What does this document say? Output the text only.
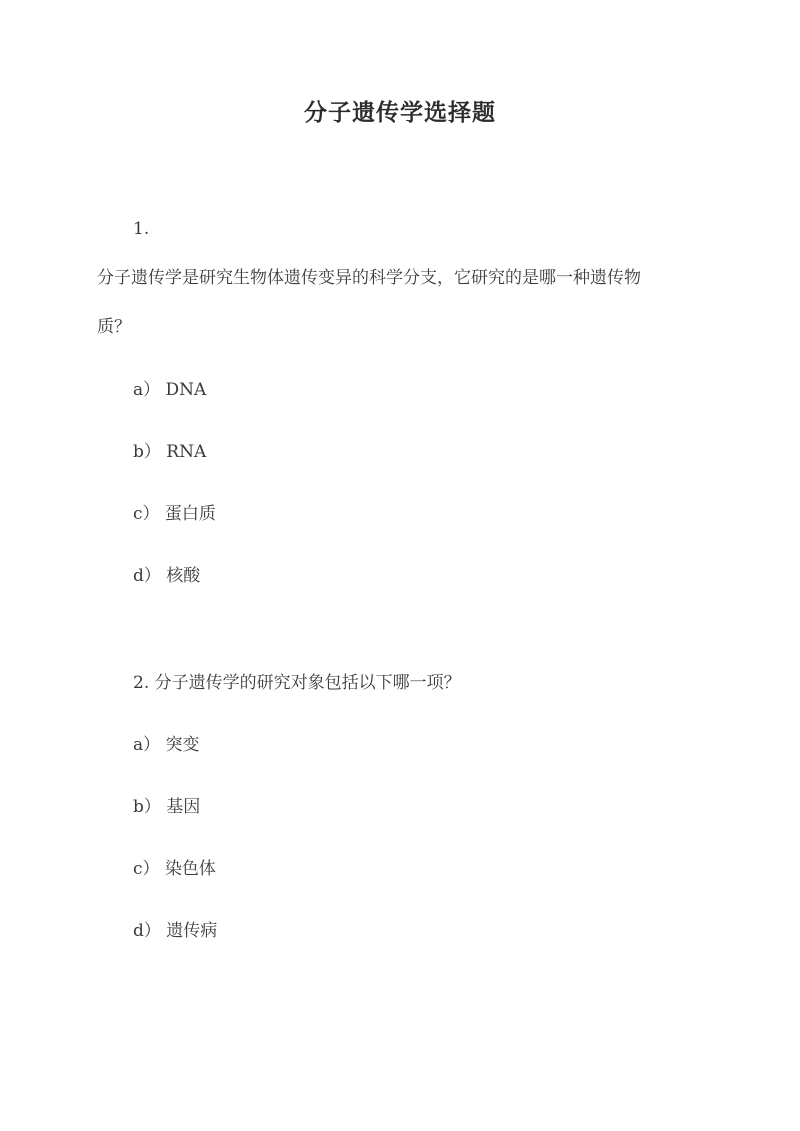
分子遗传学选择题
1.
分子遗传学是研究生物体遗传变异的科学分支，它研究的是哪一种遗传物
质？
a） DNA
b） RNA
c） 蛋白质
d） 核酸
2. 分子遗传学的研究对象包括以下哪一项？
a） 突变
b） 基因
c） 染色体
d） 遗传病
